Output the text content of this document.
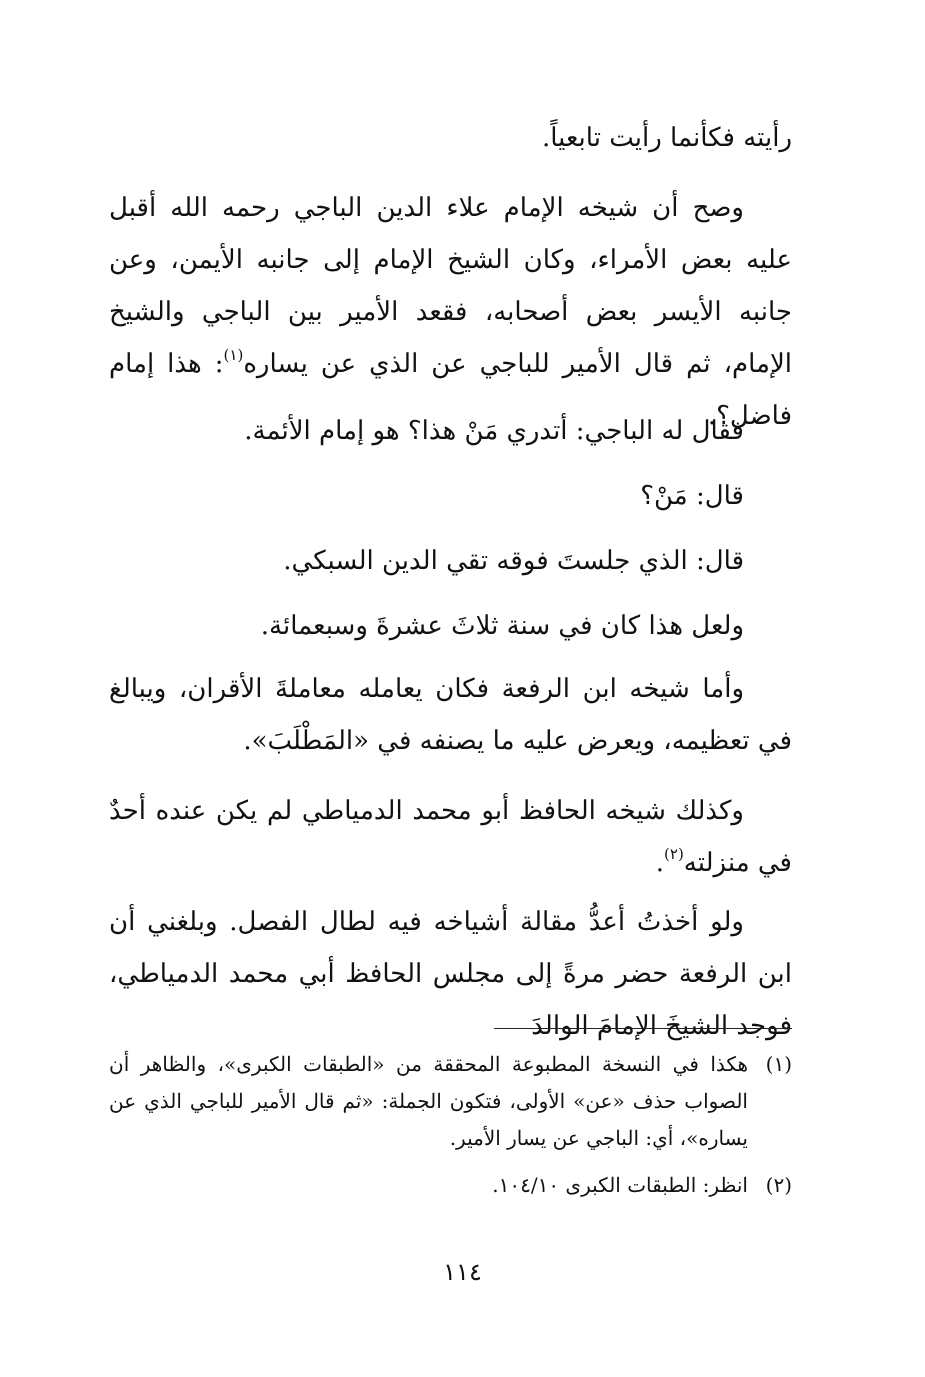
رأيته فكأنما رأيت تابعياً.

وصح أن شيخه الإمام علاء الدين الباجي رحمه الله أقبل عليه بعض الأمراء، وكان الشيخ الإمام إلى جانبه الأيمن، وعن جانبه الأيسر بعض أصحابه، فقعد الأمير بين الباجي والشيخ الإمام، ثم قال الأمير للباجي عن الذي عن يساره$^{(١)}$: هذا إمام فاضل؟.

فقال له الباجي: أتدري مَنْ هذا؟ هو إمام الأئمة.

قال: مَنْ؟

قال: الذي جلستَ فوقه تقي الدين السبكي.

ولعل هذا كان في سنة ثلاثَ عشرةَ وسبعمائة.

وأما شيخه ابن الرفعة فكان يعامله معاملةَ الأقران، ويبالغ في تعظيمه، ويعرض عليه ما يصنفه في «المَطْلَبَ».

وكذلك شيخه الحافظ أبو محمد الدمياطي لم يكن عنده أحدٌ في منزلته$^{(٢)}$.

ولو أخذتُ أعدُّ مقالة أشياخه فيه لطال الفصل. وبلغني أن ابن الرفعة حضر مرةً إلى مجلس الحافظ أبي محمد الدمياطي، فوجد الشيخَ الإمامَ الوالدَ

(١)
هكذا في النسخة المطبوعة المحققة من «الطبقات الكبرى»، والظاهر أن الصواب حذف «عن» الأولى، فتكون الجملة: «ثم قال الأمير للباجي الذي عن يساره»، أي: الباجي عن يسار الأمير.
(٢)
انظر: الطبقات الكبرى ١٠٤/١٠.
١١٤
